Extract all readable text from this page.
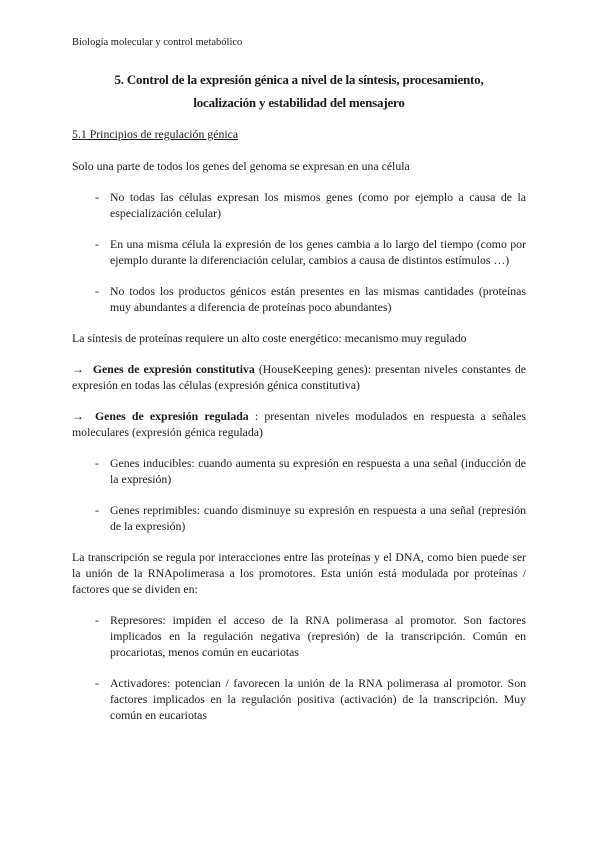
Biología molecular y control metabólico
5. Control de la expresión génica a nivel de la síntesis, procesamiento,
localización y estabilidad del mensajero
5.1 Principios de regulación génica

Solo una parte de todos los genes del genoma se expresan en una célula

- No todas las células expresan los mismos genes (como por ejemplo a causa de la especialización celular)
- En una misma célula la expresión de los genes cambia a lo largo del tiempo (como por ejemplo durante la diferenciación celular, cambios a causa de distintos estímulos …)
- No todos los productos génicos están presentes en las mismas cantidades (proteínas muy abundantes a diferencia de proteínas poco abundantes)

La síntesis de proteínas requiere un alto coste energético: mecanismo muy regulado

→ Genes de expresión constitutiva (HouseKeeping genes): presentan niveles constantes de expresión en todas las células (expresión génica constitutiva)

→ Genes de expresión regulada : presentan niveles modulados en respuesta a señales moleculares (expresión génica regulada)

- Genes inducibles: cuando aumenta su expresión en respuesta a una señal (inducción de la expresión)
- Genes reprimibles: cuando disminuye su expresión en respuesta a una señal (represión de la expresión)

La transcripción se regula por interacciones entre las proteínas y el DNA, como bien puede ser la unión de la RNApolimerasa a los promotores. Esta unión está modulada por proteínas / factores que se dividen en:

- Represores: impiden el acceso de la RNA polimerasa al promotor. Son factores implicados en la regulación negativa (represión) de la transcripción. Común en procariotas, menos común en eucariotas
- Activadores: potencian / favorecen la unión de la RNA polimerasa al promotor. Son factores implicados en la regulación positiva (activación) de la transcripción. Muy común en eucariotas
